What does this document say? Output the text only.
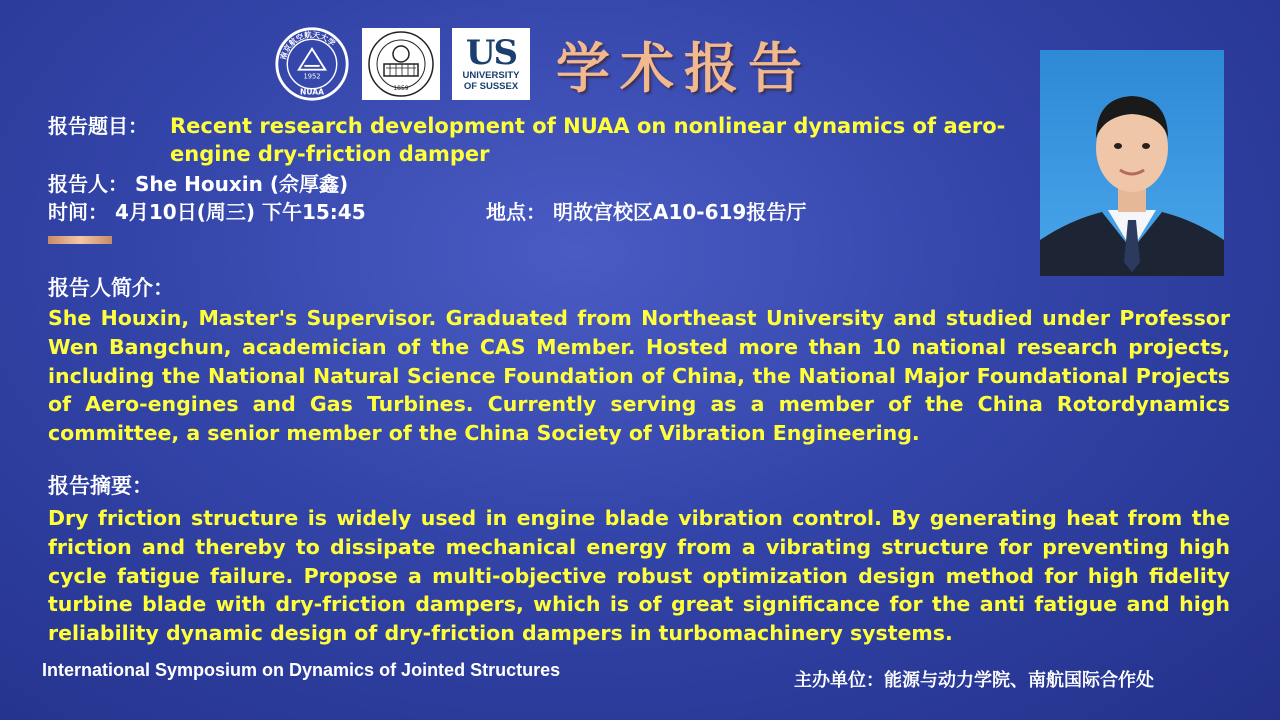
南京航空航天大学
1952
NUAA	1859
US
UNIVERSITY
OF SUSSEX 学术报告
报告题目： Recent research development of NUAA on nonlinear dynamics of aero-engine dry-friction damper
报告人： She Houxin (佘厚鑫)
时间： 4月10日(周三) 下午15:45	地点： 明故宫校区A10-619报告厅
报告人简介：
She Houxin, Master's Supervisor. Graduated from Northeast University and studied under Professor Wen Bangchun, academician of the CAS Member. Hosted more than 10 national research projects, including the National Natural Science Foundation of China, the National Major Foundational Projects of Aero-engines and Gas Turbines. Currently serving as a member of the China Rotordynamics committee, a senior member of the China Society of Vibration Engineering.
报告摘要：
Dry friction structure is widely used in engine blade vibration control. By generating heat from the friction and thereby to dissipate mechanical energy from a vibrating structure for preventing high cycle fatigue failure. Propose a multi-objective robust optimization design method for high fidelity turbine blade with dry-friction dampers, which is of great significance for the anti fatigue and high reliability dynamic design of dry-friction dampers in turbomachinery systems.
International Symposium on Dynamics of Jointed Structures	主办单位：能源与动力学院、南航国际合作处
